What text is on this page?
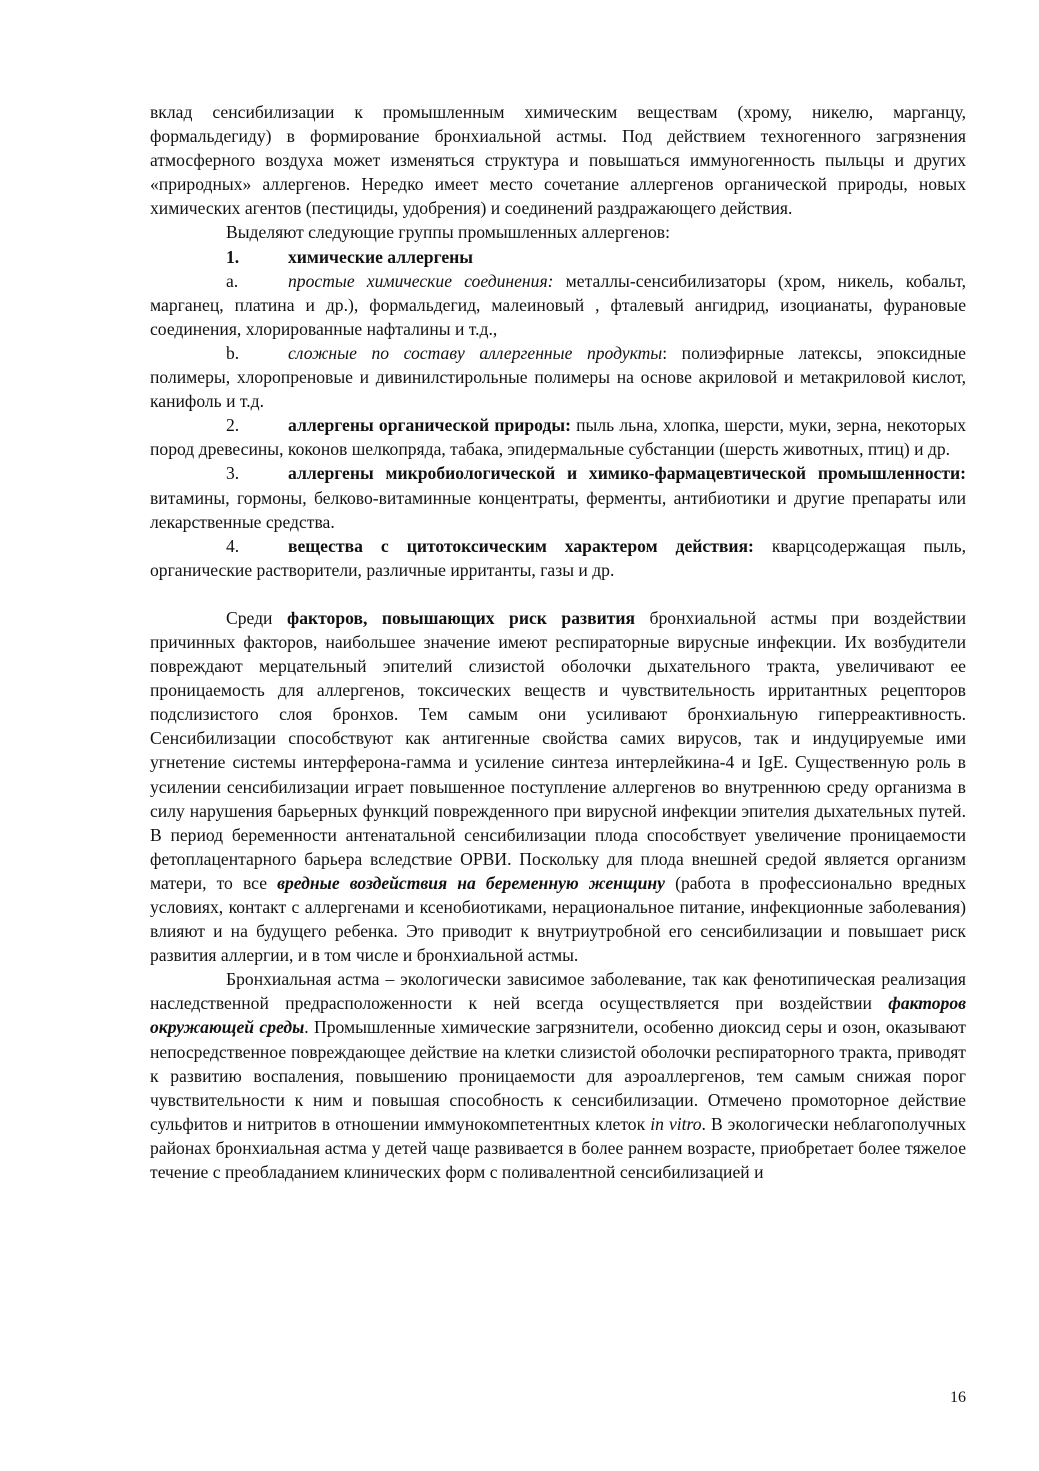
вклад сенсибилизации к промышленным химическим веществам (хрому, никелю, марганцу, формальдегиду) в формирование бронхиальной астмы. Под действием техногенного загрязнения атмосферного воздуха может изменяться структура и повышаться иммуногенность пыльцы и других «природных» аллергенов. Нередко имеет место сочетание аллергенов органической природы, новых химических агентов (пестициды, удобрения) и соединений раздражающего действия.

Выделяют следующие группы промышленных аллергенов:

1.	химические аллергены

a.	простые химические соединения: металлы-сенсибилизаторы (хром, никель, кобальт, марганец, платина и др.), формальдегид, малеиновый , фталевый ангидрид, изоцианаты, фурановые соединения, хлорированные нафталины и т.д.,

b.	сложные по составу аллергенные продукты: полиэфирные латексы, эпоксидные полимеры, хлоропреновые и дивинилстирольные полимеры на основе акриловой и метакриловой кислот, канифоль и т.д.

2.	аллергены органической природы: пыль льна, хлопка, шерсти, муки, зерна, некоторых пород древесины, коконов шелкопряда, табака, эпидермальные субстанции (шерсть животных, птиц) и др.

3.	аллергены микробиологической и химико-фармацевтической промышленности: витамины, гормоны, белково-витаминные концентраты, ферменты, антибиотики и другие препараты или лекарственные средства.

4.	вещества с цитотоксическим характером действия: кварцсодержащая пыль, органические растворители, различные ирританты, газы и др.

Среди факторов, повышающих риск развития бронхиальной астмы при воздействии причинных факторов, наибольшее значение имеют респираторные вирусные инфекции. Их возбудители повреждают мерцательный эпителий слизистой оболочки дыхательного тракта, увеличивают ее проницаемость для аллергенов, токсических веществ и чувствительность ирритантных рецепторов подслизистого слоя бронхов. Тем самым они усиливают бронхиальную гиперреактивность. Сенсибилизации способствуют как антигенные свойства самих вирусов, так и индуцируемые ими угнетение системы интерферона-гамма и усиление синтеза интерлейкина-4 и IgE. Существенную роль в усилении сенсибилизации играет повышенное поступление аллергенов во внутреннюю среду организма в силу нарушения барьерных функций поврежденного при вирусной инфекции эпителия дыхательных путей. В период беременности антенатальной сенсибилизации плода способствует увеличение проницаемости фетоплацентарного барьера вследствие ОРВИ. Поскольку для плода внешней средой является организм матери, то все вредные воздействия на беременную женщину (работа в профессионально вредных условиях, контакт с аллергенами и ксенобиотиками, нерациональное питание, инфекционные заболевания) влияют и на будущего ребенка. Это приводит к внутриутробной его сенсибилизации и повышает риск развития аллергии, и в том числе и бронхиальной астмы.

Бронхиальная астма – экологически зависимое заболевание, так как фенотипическая реализация наследственной предрасположенности к ней всегда осуществляется при воздействии факторов окружающей среды. Промышленные химические загрязнители, особенно диоксид серы и озон, оказывают непосредственное повреждающее действие на клетки слизистой оболочки респираторного тракта, приводят к развитию воспаления, повышению проницаемости для аэроаллергенов, тем самым снижая порог чувствительности к ним и повышая способность к сенсибилизации. Отмечено промоторное действие сульфитов и нитритов в отношении иммунокомпетентных клеток in vitro. В экологически неблагополучных районах бронхиальная астма у детей чаще развивается в более раннем возрасте, приобретает более тяжелое течение с преобладанием клинических форм с поливалентной сенсибилизацией и

16
